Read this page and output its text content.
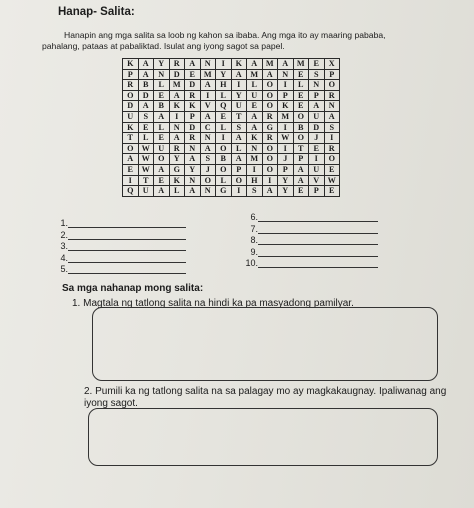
Hanap- Salita:
Hanapin ang mga salita sa loob ng kahon sa ibaba. Ang mga ito ay maaring pababa,
pahalang, pataas at pabaliktad. Isulat ang iyong sagot sa papel.
K	A	Y	R	A	N	I	K	A	M	A	M	E	X
P	A	N	D	E	M	Y	A	M	A	N	E	S	P
R	B	L	M	D	A	H	I	L	O	I	L	N	O
O	D	E	A	R	I	L	Y	U	O	P	E	P	R
D	A	B	K	K	V	Q	U	E	O	K	E	A	N
U	S	A	I	P	A	E	T	A	R	M	O	U	A
K	E	L	N	D	C	L	S	A	G	I	B	D	S
T	L	E	A	R	N	I	A	K	R	W	O	J	I
O	W	U	R	N	A	O	L	N	O	I	T	E	R
A	W	O	Y	A	S	B	A	M	O	J	P	I	O
E	W	A	G	Y	J	O	P	I	O	P	A	U	E
I	T	E	K	N	O	L	O	H	I	Y	A	V	W
Q	U	A	L	A	N	G	I	S	A	Y	E	P	E
1.
2.
3.
4.
5.
6.
7.
8.
9.
10.
Sa mga nahanap mong salita:
1. Magtala ng tatlong salita na hindi ka pa masyadong pamilyar.
2. Pumili ka ng tatlong salita na sa palagay mo ay magkakaugnay. Ipaliwanag ang iyong sagot.
